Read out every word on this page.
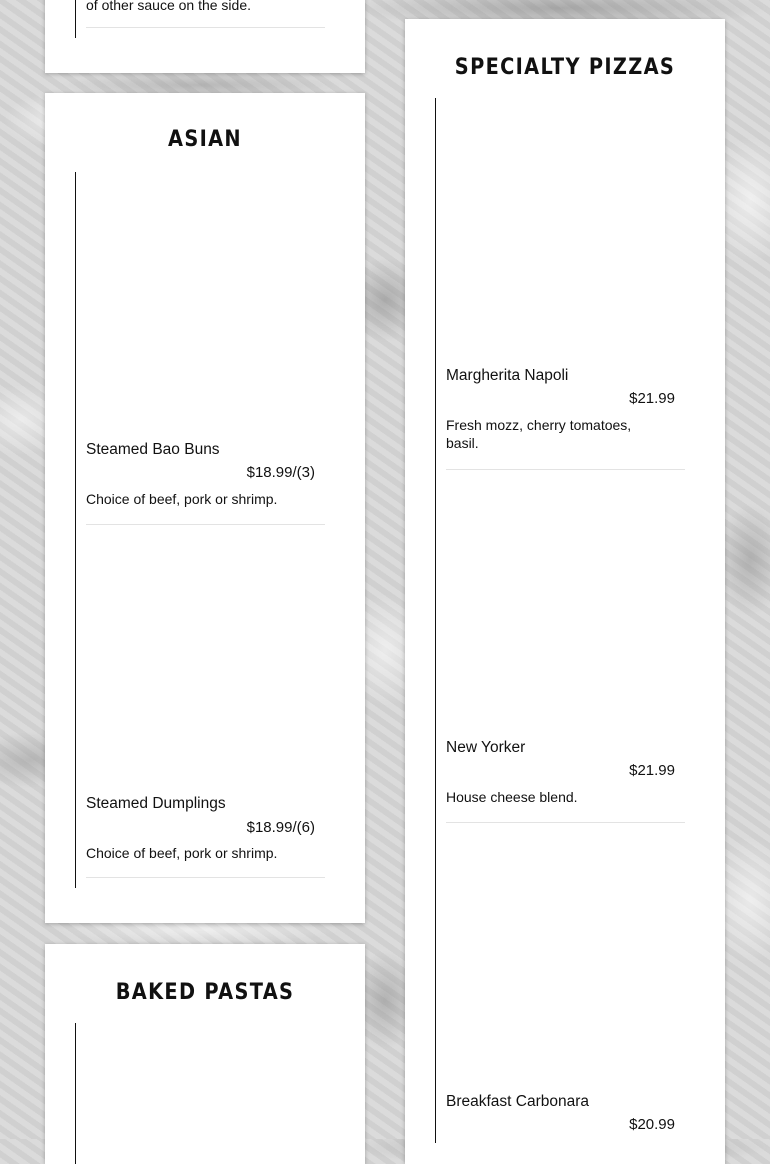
of other sauce on the side.
ASIAN
Steamed Bao Buns
$18.99/(3)
Choice of beef, pork or shrimp.
Steamed Dumplings
$18.99/(6)
Choice of beef, pork or shrimp.
BAKED PASTAS
SPECIALTY PIZZAS
Margherita Napoli
$21.99
Fresh mozz, cherry tomatoes, basil.
New Yorker
$21.99
House cheese blend.
Breakfast Carbonara
$20.99
